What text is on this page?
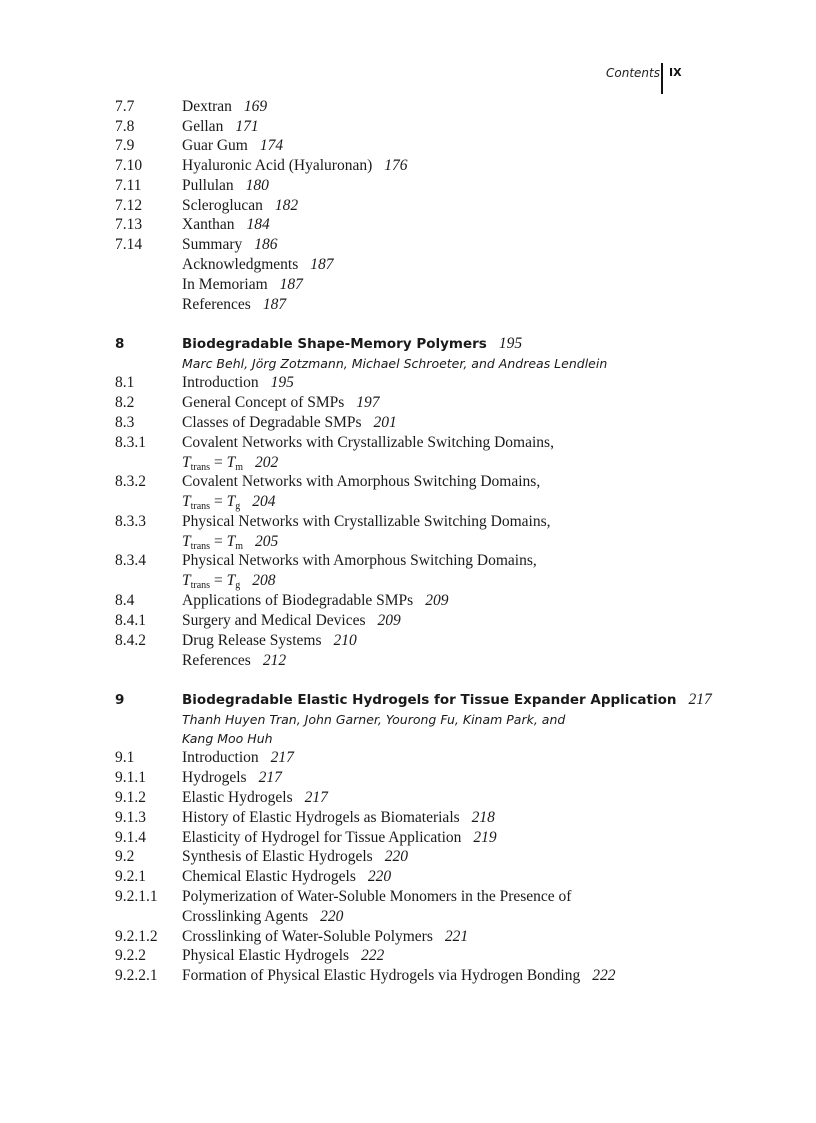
Contents IX
7.7	Dextran 169
7.8	Gellan 171
7.9	Guar Gum 174
7.10	Hyaluronic Acid (Hyaluronan) 176
7.11	Pullulan 180
7.12	Scleroglucan 182
7.13	Xanthan 184
7.14	Summary 186
Acknowledgments 187
In Memoriam 187
References 187
8	Biodegradable Shape-Memory Polymers 195
Marc Behl, Jörg Zotzmann, Michael Schroeter, and Andreas Lendlein
8.1	Introduction 195
8.2	General Concept of SMPs 197
8.3	Classes of Degradable SMPs 201
8.3.1 Covalent Networks with Crystallizable Switching Domains,
$T_{trans} = T_m$ 202
8.3.2 Covalent Networks with Amorphous Switching Domains,
$T_{trans} = T_g$ 204
8.3.3 Physical Networks with Crystallizable Switching Domains,
$T_{trans} = T_m$ 205
8.3.4 Physical Networks with Amorphous Switching Domains,
$T_{trans} = T_g$ 208
8.4	Applications of Biodegradable SMPs 209
8.4.1 Surgery and Medical Devices 209
8.4.2 Drug Release Systems 210
References 212
9	Biodegradable Elastic Hydrogels for Tissue Expander Application 217
Thanh Huyen Tran, John Garner, Yourong Fu, Kinam Park, and
Kang Moo Huh
9.1	Introduction 217
9.1.1 Hydrogels 217
9.1.2 Elastic Hydrogels 217
9.1.3 History of Elastic Hydrogels as Biomaterials 218
9.1.4 Elasticity of Hydrogel for Tissue Application 219
9.2	Synthesis of Elastic Hydrogels 220
9.2.1 Chemical Elastic Hydrogels 220
9.2.1.1 Polymerization of Water-Soluble Monomers in the Presence of
Crosslinking Agents 220
9.2.1.2 Crosslinking of Water-Soluble Polymers 221
9.2.2 Physical Elastic Hydrogels 222
9.2.2.1 Formation of Physical Elastic Hydrogels via Hydrogen Bonding 222
